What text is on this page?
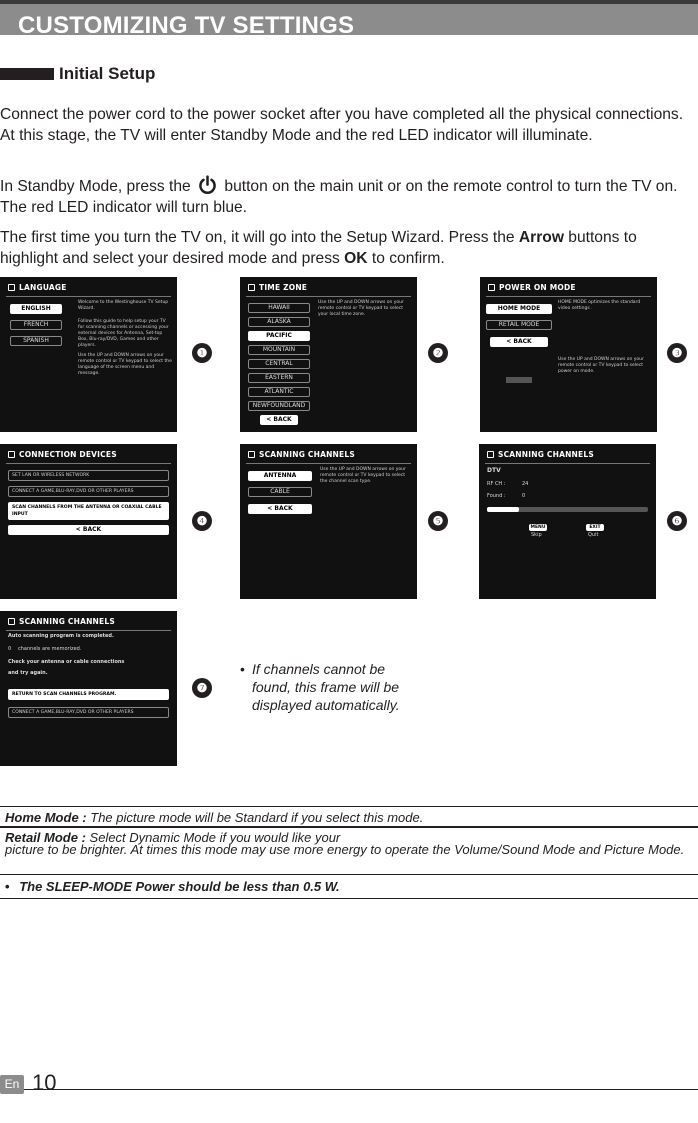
CUSTOMIZING TV SETTINGS
Initial Setup

Connect the power cord to the power socket after you have completed all the physical connections. At this stage, the TV will enter Standby Mode and the red LED indicator will illuminate.

In Standby Mode, press the button on the main unit or on the remote control to turn the TV on. The red LED indicator will turn blue.

The first time you turn the TV on, it will go into the Setup Wizard. Press the Arrow buttons to highlight and select your desired mode and press OK to confirm.

LANGUAGE
ENGLISH
FRENCH
SPANISH
Welcome to the Westinghouse TV Setup Wizard.
Follow this guide to help setup your TV for scanning channels or accessing your external devices for Antenna, Set-top Box, Blu-ray/DVD, Games and other players.
Use the UP and DOWN arrows on your remote control or TV keypad to select the language of the screen menu and message.
TIME ZONE
HAWAII
ALASKA
PACIFIC
MOUNTAIN
CENTRAL
EASTERN
ATLANTIC
NEWFOUNDLAND
< BACK
Use the UP and DOWN arrows on your remote control or TV keypad to select your local time zone.
POWER ON MODE
HOME MODE
RETAIL MODE
< BACK
HOME MODE optimizes the standard video settings .
Use the UP and DOWN arrows on your remote control or TV keypad to select power on mode.
CONNECTION DEVICES
SET LAN OR WIRELESS NETWORK
CONNECT A GAME,BLU-RAY,DVD OR OTHER PLAYERS
SCAN CHANNELS FROM THE ANTENNA OR COAXIAL CABLE INPUT
< BACK
SCANNING CHANNELS
ANTENNA
CABLE
< BACK
Use the UP and DOWN arrows on your remote control or TV keypad to select the channel scan type.
SCANNING CHANNELS
DTV
RF CH :	24
Found :	0
MENU
Skip
EXIT
Quit
SCANNING CHANNELS
Auto scanning program is completed.
0 channels are memorized.
Check your antenna or cable connections
and try again.
RETURN TO SCAN CHANNELS PROGRAM.
CONNECT A GAME,BLU-RAY,DVD OR OTHER PLAYERS
❶	❷	❸
❹	❺	❻
❼
• If channels cannot be found, this frame will be displayed automatically.
Home Mode : The picture mode will be Standard if you select this mode.
Retail Mode : Select Dynamic Mode if you would like your
picture to be brighter. At times this mode may use more energy to operate the Volume/Sound Mode and Picture Mode.
• The SLEEP-MODE Power should be less than 0.5 W.
En 10
